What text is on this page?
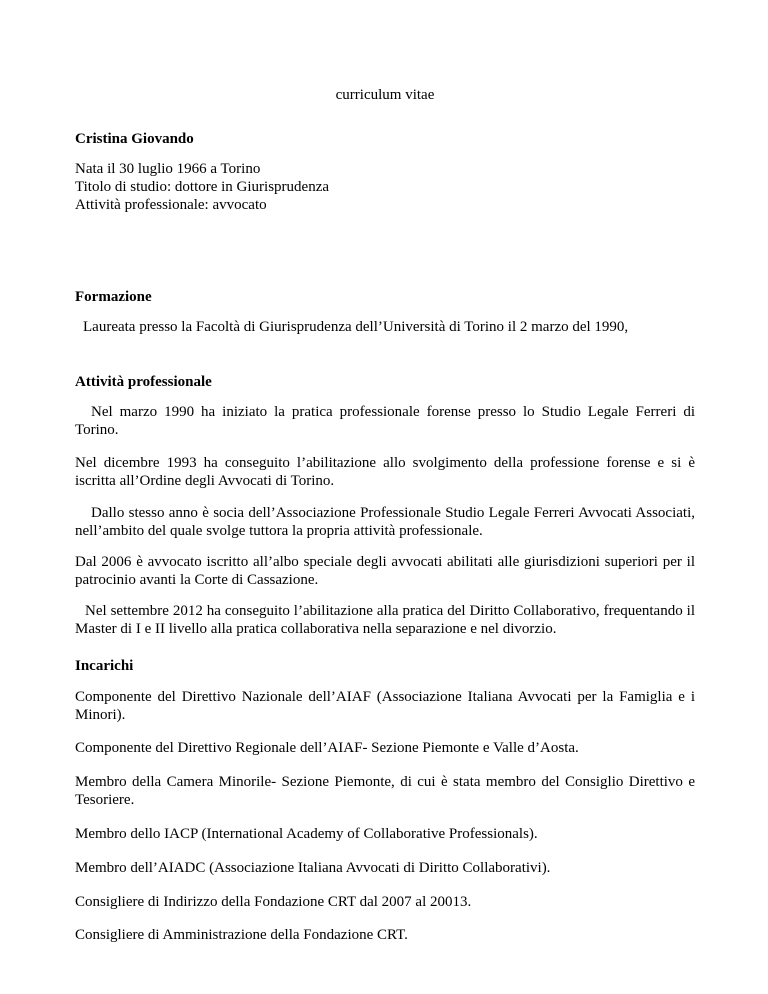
curriculum vitae

Cristina Giovando

Nata il 30 luglio 1966 a Torino
Titolo di studio: dottore in Giurisprudenza
Attività professionale: avvocato

Formazione

Laureata presso la Facoltà di Giurisprudenza dell’Università di Torino il 2 marzo del 1990,

Attività professionale

Nel marzo 1990 ha iniziato la pratica professionale forense presso lo Studio Legale Ferreri di Torino.

Nel dicembre 1993 ha conseguito l’abilitazione allo svolgimento della professione forense e si è iscritta all’Ordine degli Avvocati di Torino.

Dallo stesso anno è socia dell’Associazione Professionale Studio Legale Ferreri Avvocati Associati, nell’ambito del quale svolge tuttora la propria attività professionale.

Dal 2006 è avvocato iscritto all’albo speciale degli avvocati abilitati alle giurisdizioni superiori per il patrocinio avanti la Corte di Cassazione.

Nel settembre 2012 ha conseguito l’abilitazione alla pratica del Diritto Collaborativo, frequentando il Master di I e II livello alla pratica collaborativa nella separazione e nel divorzio.

Incarichi

Componente del Direttivo Nazionale dell’AIAF (Associazione Italiana Avvocati per la Famiglia e i Minori).

Componente del Direttivo Regionale dell’AIAF- Sezione Piemonte e Valle d’Aosta.

Membro della Camera Minorile- Sezione Piemonte, di cui è stata membro del Consiglio Direttivo e Tesoriere.

Membro dello IACP (International Academy of Collaborative Professionals).

Membro dell’AIADC (Associazione Italiana Avvocati di Diritto Collaborativi).

Consigliere di Indirizzo della Fondazione CRT dal 2007 al 20013.

Consigliere di Amministrazione della Fondazione CRT.
